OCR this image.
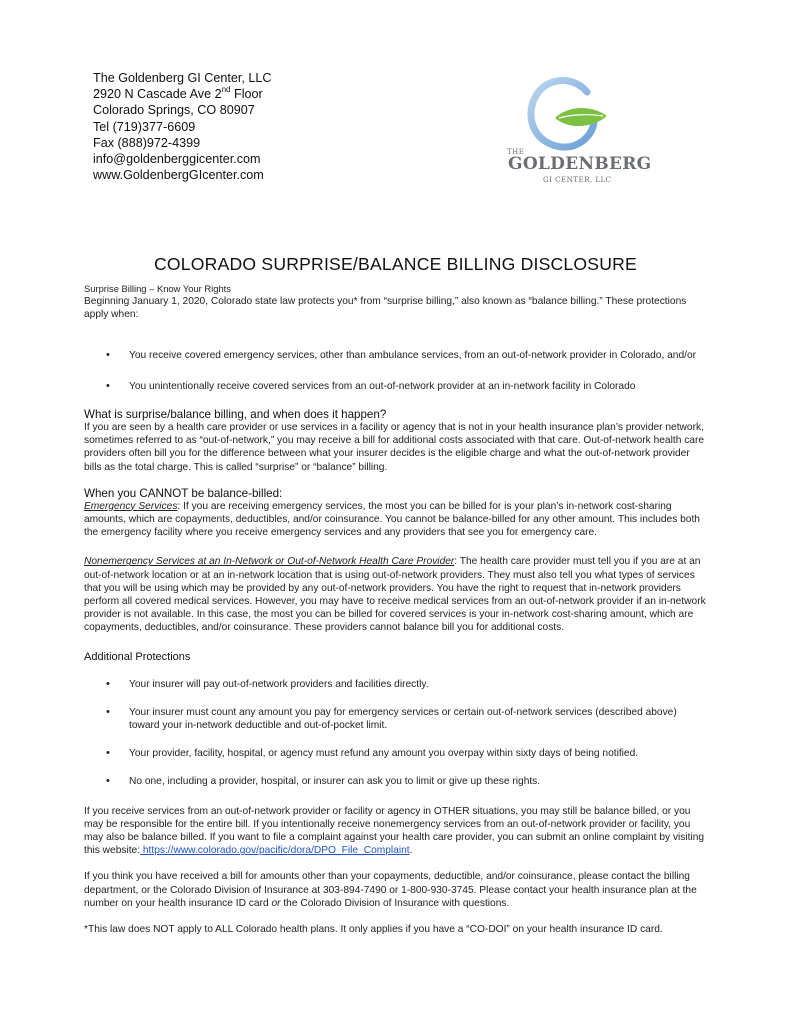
The Goldenberg GI Center, LLC
2920 N Cascade Ave 2nd Floor
Colorado Springs, CO 80907
Tel (719)377-6609
Fax (888)972-4399
info@goldenberggicenter.com
www.GoldenbergGIcenter.com
THE
GOLDENBERG
GI CENTER, LLC
COLORADO SURPRISE/BALANCE BILLING DISCLOSURE

Surprise Billing – Know Your Rights

Beginning January 1, 2020, Colorado state law protects you* from “surprise billing,” also known as “balance billing.” These protections apply when:

• You receive covered emergency services, other than ambulance services, from an out-of-network provider in Colorado, and/or
• You unintentionally receive covered services from an out-of-network provider at an in-network facility in Colorado

What is surprise/balance billing, and when does it happen?

If you are seen by a health care provider or use services in a facility or agency that is not in your health insurance plan’s provider network, sometimes referred to as “out-of-network,” you may receive a bill for additional costs associated with that care. Out-of-network health care providers often bill you for the difference between what your insurer decides is the eligible charge and what the out-of-network provider bills as the total charge. This is called “surprise” or “balance” billing.

When you CANNOT be balance-billed:

Emergency Services: If you are receiving emergency services, the most you can be billed for is your plan’s in-network cost-sharing amounts, which are copayments, deductibles, and/or coinsurance. You cannot be balance-billed for any other amount. This includes both the emergency facility where you receive emergency services and any providers that see you for emergency care.

Nonemergency Services at an In-Network or Out-of-Network Health Care Provider: The health care provider must tell you if you are at an out-of-network location or at an in-network location that is using out-of-network providers. They must also tell you what types of services that you will be using which may be provided by any out-of-network providers. You have the right to request that in-network providers perform all covered medical services. However, you may have to receive medical services from an out-of-network provider if an in-network provider is not available. In this case, the most you can be billed for covered services is your in-network cost-sharing amount, which are copayments, deductibles, and/or coinsurance. These providers cannot balance bill you for additional costs.

Additional Protections

• Your insurer will pay out-of-network providers and facilities directly.
• Your insurer must count any amount you pay for emergency services or certain out-of-network services (described above) toward your in-network deductible and out-of-pocket limit.
• Your provider, facility, hospital, or agency must refund any amount you overpay within sixty days of being notified.
• No one, including a provider, hospital, or insurer can ask you to limit or give up these rights.

If you receive services from an out-of-network provider or facility or agency in OTHER situations, you may still be balance billed, or you may be responsible for the entire bill. If you intentionally receive nonemergency services from an out-of-network provider or facility, you may also be balance billed. If you want to file a complaint against your health care provider, you can submit an online complaint by visiting this website: https://www.colorado.gov/pacific/dora/DPO_File_Complaint.

If you think you have received a bill for amounts other than your copayments, deductible, and/or coinsurance, please contact the billing department, or the Colorado Division of Insurance at 303-894-7490 or 1-800-930-3745. Please contact your health insurance plan at the number on your health insurance ID card or the Colorado Division of Insurance with questions.

*This law does NOT apply to ALL Colorado health plans. It only applies if you have a “CO-DOI” on your health insurance ID card.
